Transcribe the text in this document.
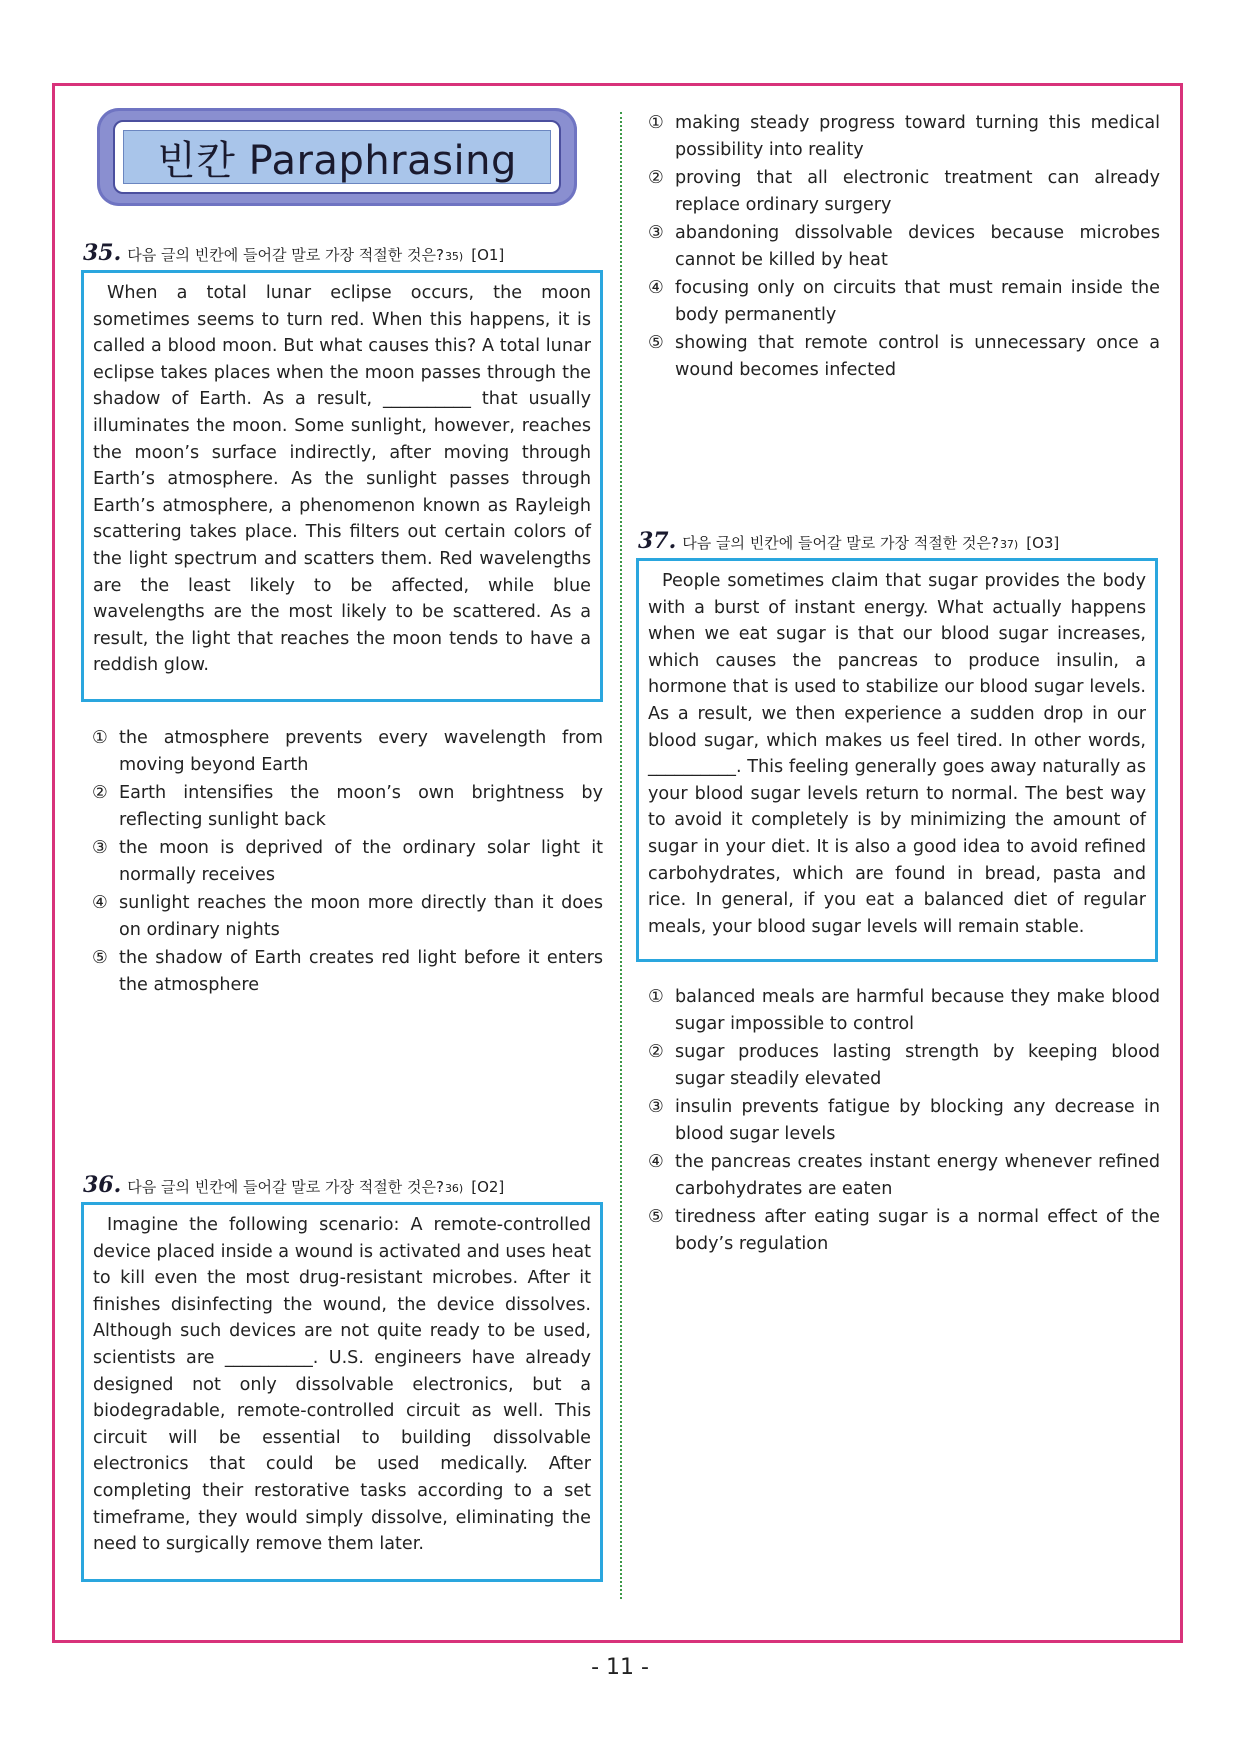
빈칸 Paraphrasing
35. 다음 글의 빈칸에 들어갈 말로 가장 적절한 것은? 35) [O1]

When a total lunar eclipse occurs, the moon sometimes seems to turn red. When this happens, it is called a blood moon. But what causes this? A total lunar eclipse takes places when the moon passes through the shadow of Earth. As a result, __________ that usually illuminates the moon. Some sunlight, however, reaches the moon’s surface indirectly, after moving through Earth’s atmosphere. As the sunlight passes through Earth’s atmosphere, a phenomenon known as Rayleigh scattering takes place. This filters out certain colors of the light spectrum and scatters them. Red wavelengths are the least likely to be affected, while blue wavelengths are the most likely to be scattered. As a result, the light that reaches the moon tends to have a reddish glow.

① the atmosphere prevents every wavelength from moving beyond Earth
② Earth intensifies the moon’s own brightness by reflecting sunlight back
③ the moon is deprived of the ordinary solar light it normally receives
④ sunlight reaches the moon more directly than it does on ordinary nights
⑤ the shadow of Earth creates red light before it enters the atmosphere
36. 다음 글의 빈칸에 들어갈 말로 가장 적절한 것은? 36) [O2]

Imagine the following scenario: A remote-controlled device placed inside a wound is activated and uses heat to kill even the most drug-resistant microbes. After it finishes disinfecting the wound, the device dissolves. Although such devices are not quite ready to be used, scientists are __________. U.S. engineers have already designed not only dissolvable electronics, but a biodegradable, remote-controlled circuit as well. This circuit will be essential to building dissolvable electronics that could be used medically. After completing their restorative tasks according to a set timeframe, they would simply dissolve, eliminating the need to surgically remove them later.

① making steady progress toward turning this medical possibility into reality
② proving that all electronic treatment can already replace ordinary surgery
③ abandoning dissolvable devices because microbes cannot be killed by heat
④ focusing only on circuits that must remain inside the body permanently
⑤ showing that remote control is unnecessary once a wound becomes infected
37. 다음 글의 빈칸에 들어갈 말로 가장 적절한 것은? 37) [O3]

People sometimes claim that sugar provides the body with a burst of instant energy. What actually happens when we eat sugar is that our blood sugar increases, which causes the pancreas to produce insulin, a hormone that is used to stabilize our blood sugar levels. As a result, we then experience a sudden drop in our blood sugar, which makes us feel tired. In other words, __________. This feeling generally goes away naturally as your blood sugar levels return to normal. The best way to avoid it completely is by minimizing the amount of sugar in your diet. It is also a good idea to avoid refined carbohydrates, which are found in bread, pasta and rice. In general, if you eat a balanced diet of regular meals, your blood sugar levels will remain stable.

① balanced meals are harmful because they make blood sugar impossible to control
② sugar produces lasting strength by keeping blood sugar steadily elevated
③ insulin prevents fatigue by blocking any decrease in blood sugar levels
④ the pancreas creates instant energy whenever refined carbohydrates are eaten
⑤ tiredness after eating sugar is a normal effect of the body’s regulation
- 11 -
